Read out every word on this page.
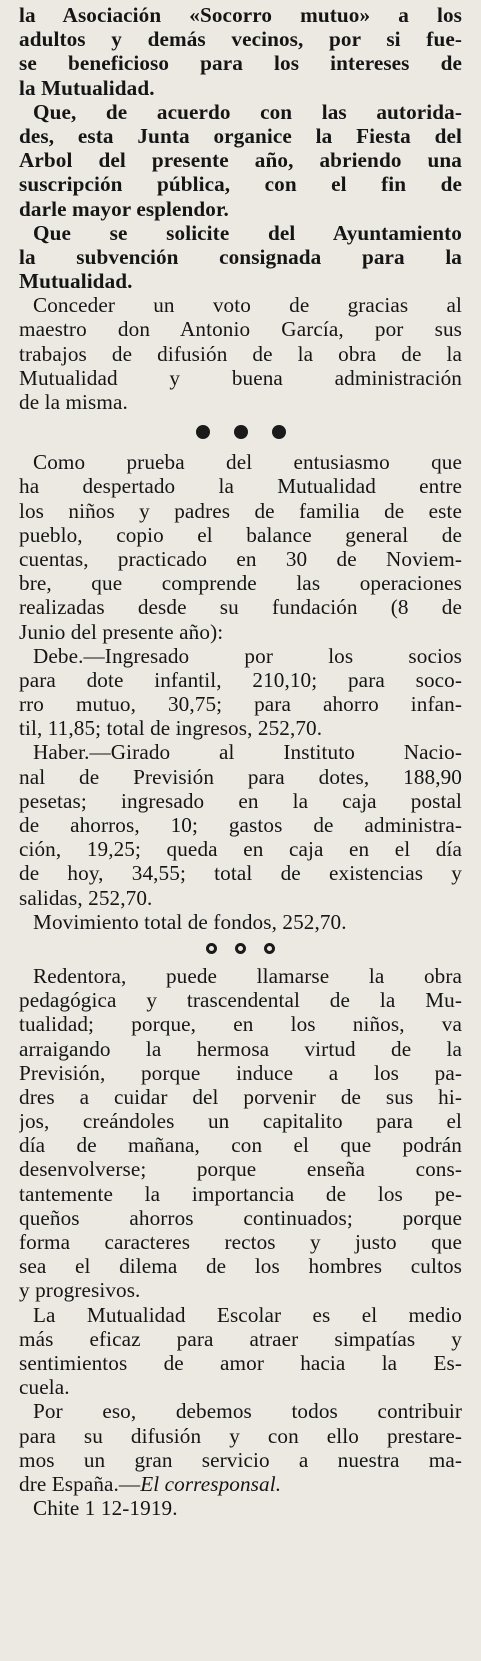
la Asociación «Socorro mutuo» a los
adultos y demás vecinos, por si fue-
se beneficioso para los intereses de
la Mutualidad.
Que, de acuerdo con las autorida-
des, esta Junta organice la Fiesta del
Arbol del presente año, abriendo una
suscripción pública, con el fin de
darle mayor esplendor.
Que se solicite del Ayuntamiento
la subvención consignada para la
Mutualidad.
Conceder un voto de gracias al
maestro don Antonio García, por sus
trabajos de difusión de la obra de la
Mutualidad y buena administración
de la misma.
Como prueba del entusiasmo que
ha despertado la Mutualidad entre
los niños y padres de familia de este
pueblo, copio el balance general de
cuentas, practicado en 30 de Noviem-
bre, que comprende las operaciones
realizadas desde su fundación (8 de
Junio del presente año):
Debe.—Ingresado por los socios
para dote infantil, 210,10; para soco-
rro mutuo, 30,75; para ahorro infan-
til, 11,85; total de ingresos, 252,70.
Haber.—Girado al Instituto Nacio-
nal de Previsión para dotes, 188,90
pesetas; ingresado en la caja postal
de ahorros, 10; gastos de administra-
ción, 19,25; queda en caja en el día
de hoy, 34,55; total de existencias y
salidas, 252,70.
Movimiento total de fondos, 252,70.
Redentora, puede llamarse la obra
pedagógica y trascendental de la Mu-
tualidad; porque, en los niños, va
arraigando la hermosa virtud de la
Previsión, porque induce a los pa-
dres a cuidar del porvenir de sus hi-
jos, creándoles un capitalito para el
día de mañana, con el que podrán
desenvolverse; porque enseña cons-
tantemente la importancia de los pe-
queños ahorros continuados; porque
forma caracteres rectos y justo que
sea el dilema de los hombres cultos
y progresivos.
La Mutualidad Escolar es el medio
más eficaz para atraer simpatías y
sentimientos de amor hacia la Es-
cuela.
Por eso, debemos todos contribuir
para su difusión y con ello prestare-
mos un gran servicio a nuestra ma-
dre España.—El corresponsal.
Chite 1 12-1919.
